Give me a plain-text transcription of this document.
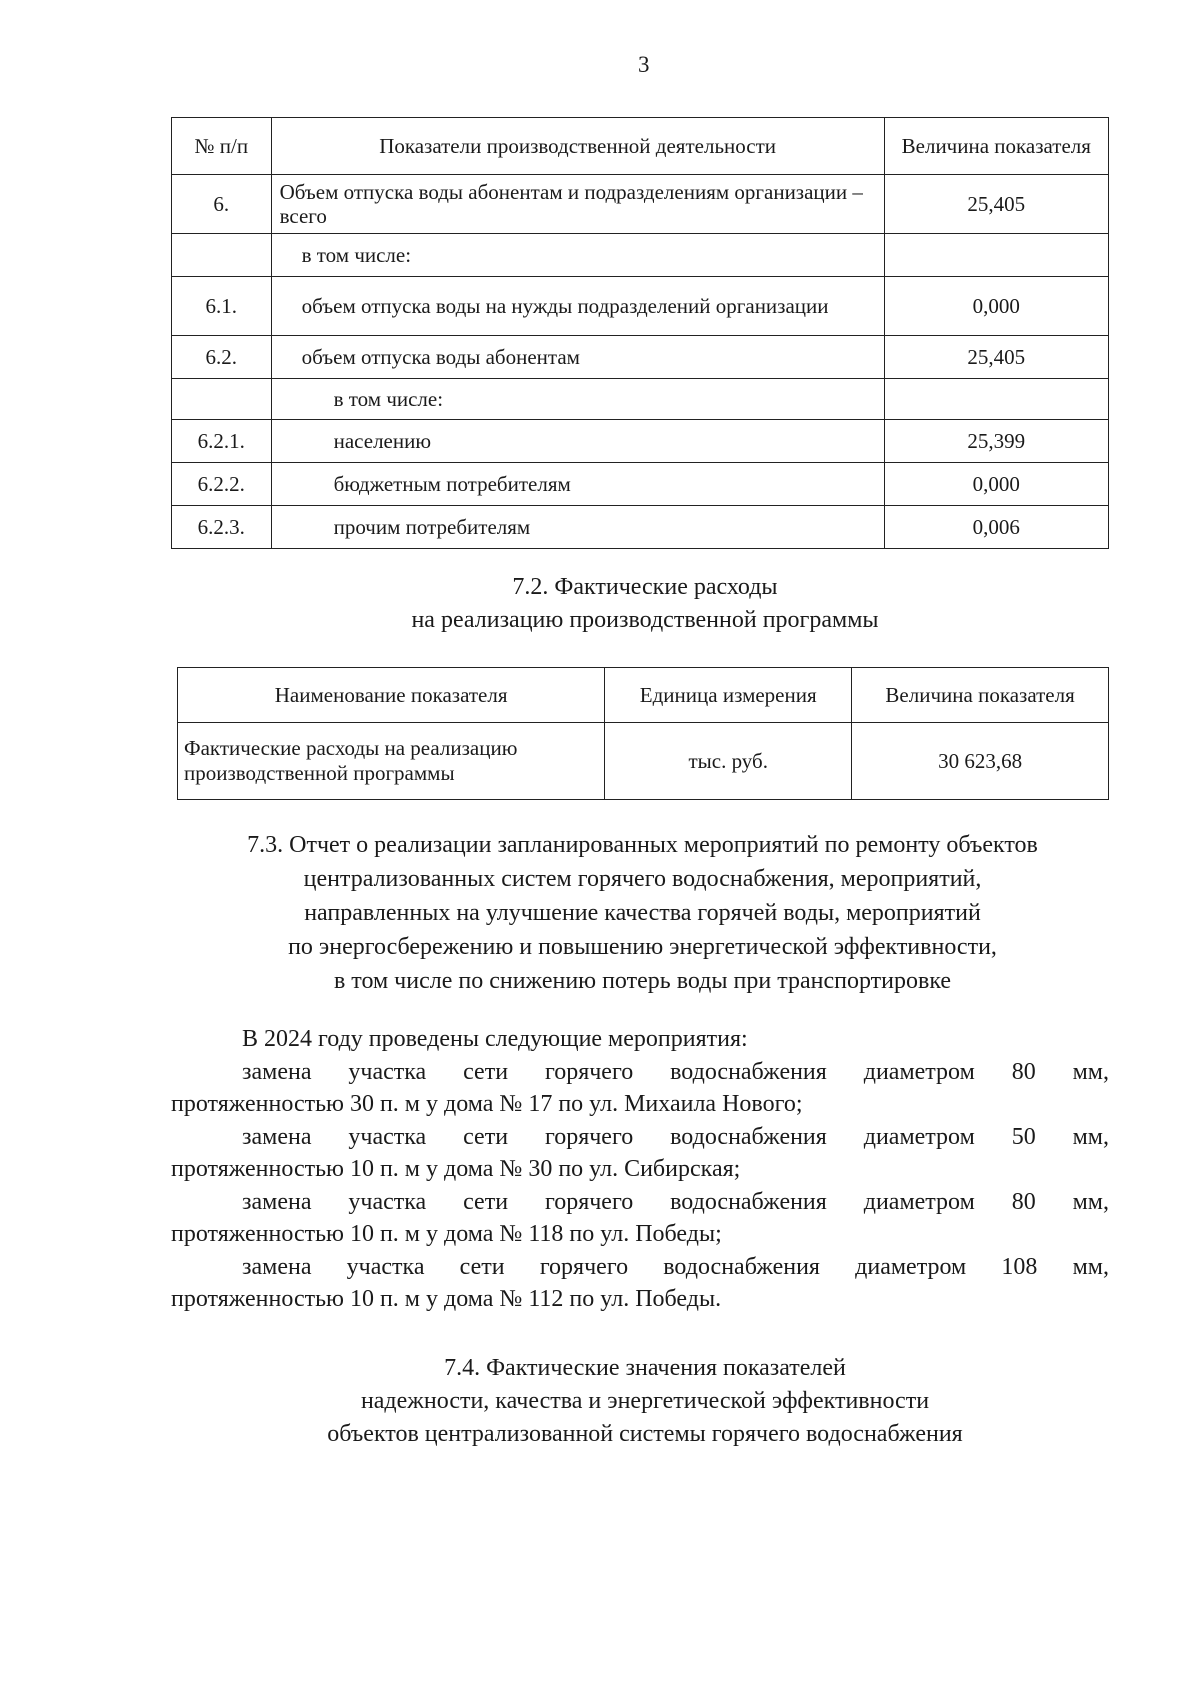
3
№ п/п	Показатели производственной деятельности	Величина показателя
6.	Объем отпуска воды абонентам и подразделениям организации – всего	25,405
	в том числе:	
6.1.	объем отпуска воды на нужды подразделений организации	0,000
6.2.	объем отпуска воды абонентам	25,405
	в том числе:	
6.2.1.	населению	25,399
6.2.2.	бюджетным потребителям	0,000
6.2.3.	прочим потребителям	0,006
7.2. Фактические расходы
на реализацию производственной программы
Наименование показателя	Единица измерения	Величина показателя
Фактические расходы на реализацию производственной программы	тыс. руб.	30 623,68
7.3. Отчет о реализации запланированных мероприятий по ремонту объектов
централизованных систем горячего водоснабжения, мероприятий,
направленных на улучшение качества горячей воды, мероприятий
по энергосбережению и повышению энергетической эффективности,
в том числе по снижению потерь воды при транспортировке
В 2024 году проведены следующие мероприятия:
замена участка сети горячего водоснабжения диаметром 80 мм,
протяженностью 30 п. м у дома № 17 по ул. Михаила Нового;
замена участка сети горячего водоснабжения диаметром 50 мм,
протяженностью 10 п. м у дома № 30 по ул. Сибирская;
замена участка сети горячего водоснабжения диаметром 80 мм,
протяженностью 10 п. м у дома № 118 по ул. Победы;
замена участка сети горячего водоснабжения диаметром 108 мм,
протяженностью 10 п. м у дома № 112 по ул. Победы.
7.4. Фактические значения показателей
надежности, качества и энергетической эффективности
объектов централизованной системы горячего водоснабжения
